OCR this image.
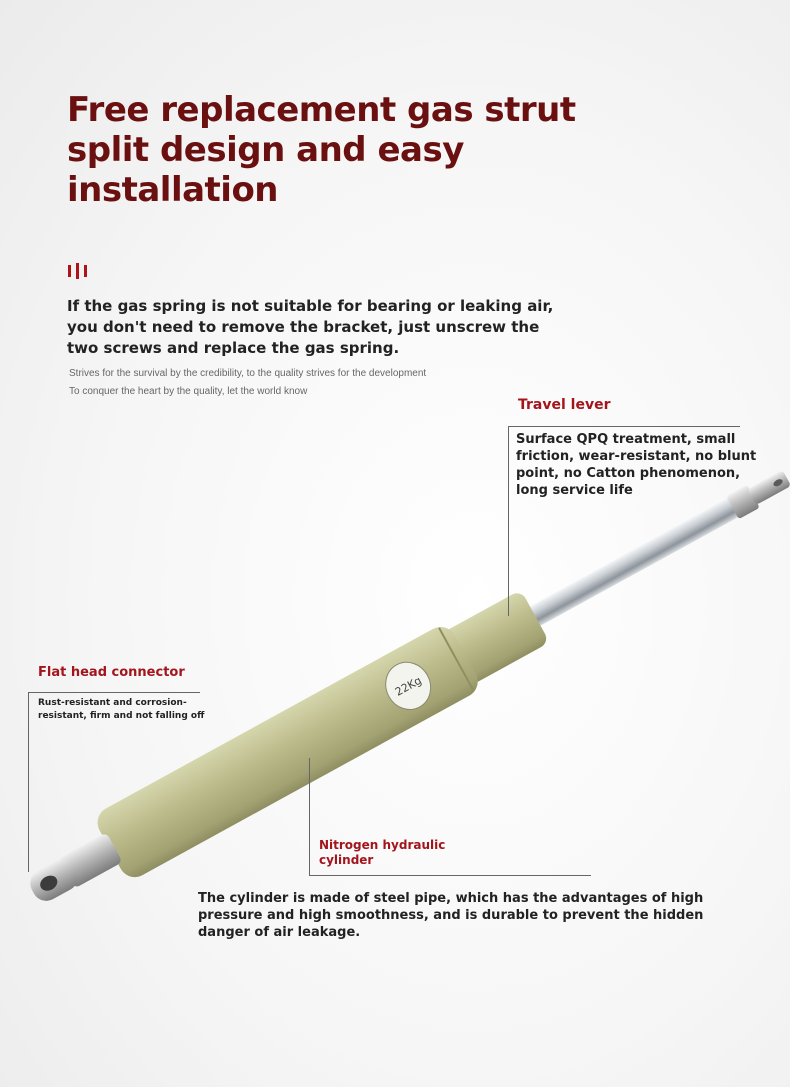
Free replacement gas strut
split design and easy
installation
If the gas spring is not suitable for bearing or leaking air,
you don't need to remove the bracket, just unscrew the
two screws and replace the gas spring.
Strives for the survival by the credibility, to the quality strives for the development
To conquer the heart by the quality, let the world know
22Kg
Travel lever
Surface QPQ treatment, small
friction, wear-resistant, no blunt
point, no Catton phenomenon,
long service life
Flat head connector
Rust-resistant and corrosion-
resistant, firm and not falling off
Nitrogen hydraulic
cylinder
The cylinder is made of steel pipe, which has the advantages of high
pressure and high smoothness, and is durable to prevent the hidden
danger of air leakage.
